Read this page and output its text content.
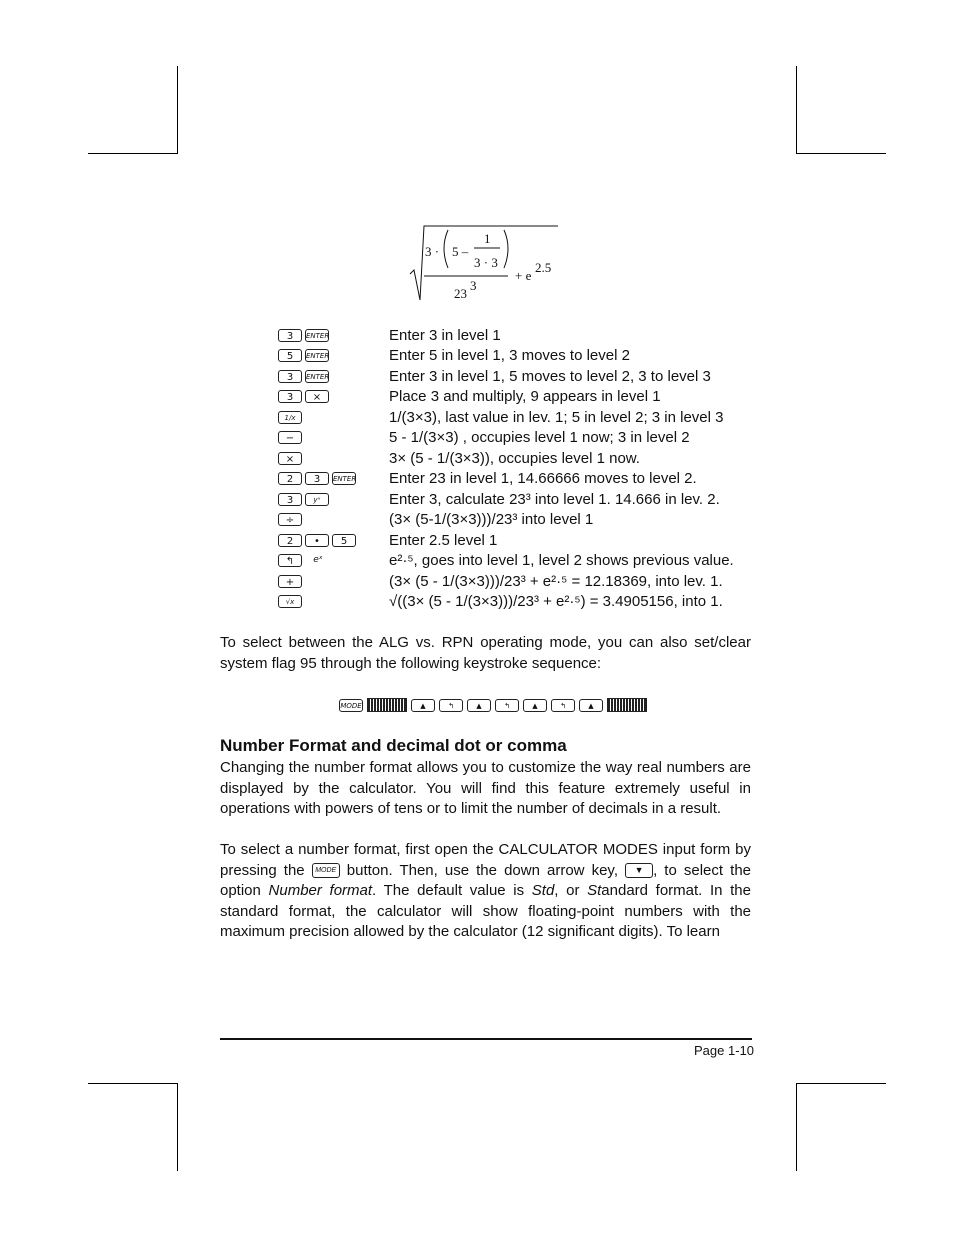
1
3 · 5 –
3 · 3
+ e
2.5
23
3
3	ENTER	Enter 3 in level 1
5	ENTER	Enter 5 in level 1, 3 moves to level 2
3	ENTER	Enter 3 in level 1, 5 moves to level 2, 3 to level 3
3	×	Place 3 and multiply, 9 appears in level 1
1/x	1/(3×3), last value in lev. 1; 5 in level 2; 3 in level 3
−	5 - 1/(3×3) , occupies level 1 now; 3 in level 2
×	3× (5 - 1/(3×3)), occupies level 1 now.
2	3	ENTER Enter 23 in level 1, 14.66666 moves to level 2.
3	yˣ	Enter 3, calculate 23³ into level 1. 14.666 in lev. 2.
÷	(3× (5-1/(3×3)))/23³ into level 1
2	•	5	Enter 2.5 level 1
↰	eˣ	e²·⁵, goes into level 1, level 2 shows previous value.
+	(3× (5 - 1/(3×3)))/23³ + e²·⁵ = 12.18369, into lev. 1.
√x	√((3× (5 - 1/(3×3)))/23³ + e²·⁵) = 3.4905156, into 1.

To select between the ALG vs. RPN operating mode, you can also set/clear system flag 95 through the following keystroke sequence:

MODE	▲	↰	▲	↰	▲	↰	▲
Number Format and decimal dot or comma

Changing the number format allows you to customize the way real numbers are displayed by the calculator. You will find this feature extremely useful in operations with powers of tens or to limit the number of decimals in a result.

To select a number format, first open the CALCULATOR MODES input form by pressing the MODE button. Then, use the down arrow key, ▼ , to select the option Number format. The default value is Std, or Standard format. In the standard format, the calculator will show floating-point numbers with the maximum precision allowed by the calculator (12 significant digits). To learn

Page 1-10
